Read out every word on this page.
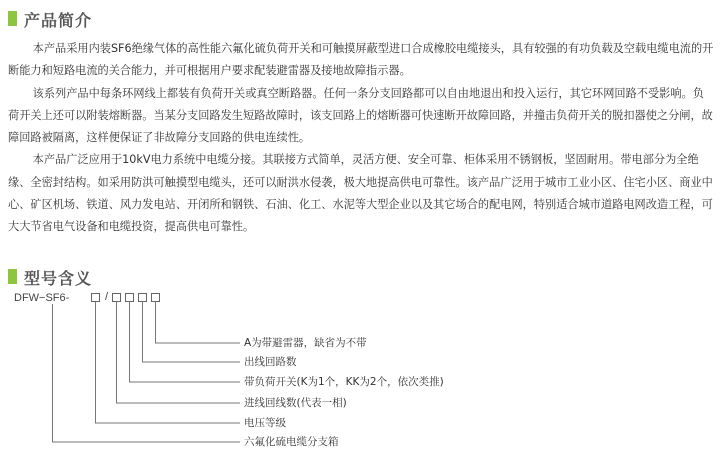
产品简介

本产品采用内装SF6绝缘气体的高性能六氟化硫负荷开关和可触摸屏蔽型进口合成橡胶电缆接头，具有较强的有功负载及空载电缆电流的开断能力和短路电流的关合能力，并可根据用户要求配装避雷器及接地故障指示器。

该系列产品中每条环网线上都装有负荷开关或真空断路器。任何一条分支回路都可以自由地退出和投入运行，其它环网回路不受影响。负荷开关上还可以附装熔断器。当某分支回路发生短路故障时，该支回路上的熔断器可快速断开故障回路，并撞击负荷开关的脱扣器使之分闸，故障回路被隔离，这样便保证了非故障分支回路的供电连续性。

本产品广泛应用于10kV电力系统中电缆分接。其联接方式简单，灵活方便、安全可靠、柜体采用不锈钢板，坚固耐用。带电部分为全绝缘、全密封结构。如采用防洪可触摸型电缆头，还可以耐洪水侵袭，极大地提高供电可靠性。该产品广泛用于城市工业小区、住宅小区、商业中心、矿区机场、铁道、风力发电站、开闭所和钢铁、石油、化工、水泥等大型企业以及其它场合的配电网，特别适合城市道路电网改造工程，可大大节省电气设备和电缆投资，提高供电可靠性。

型号含义
DFW−SF6-	/
A为带避雷器，缺省为不带
出线回路数
带负荷开关(K为1个，KK为2个，依次类推)
进线回线数(代表一相)
电压等级
六氟化硫电缆分支箱
